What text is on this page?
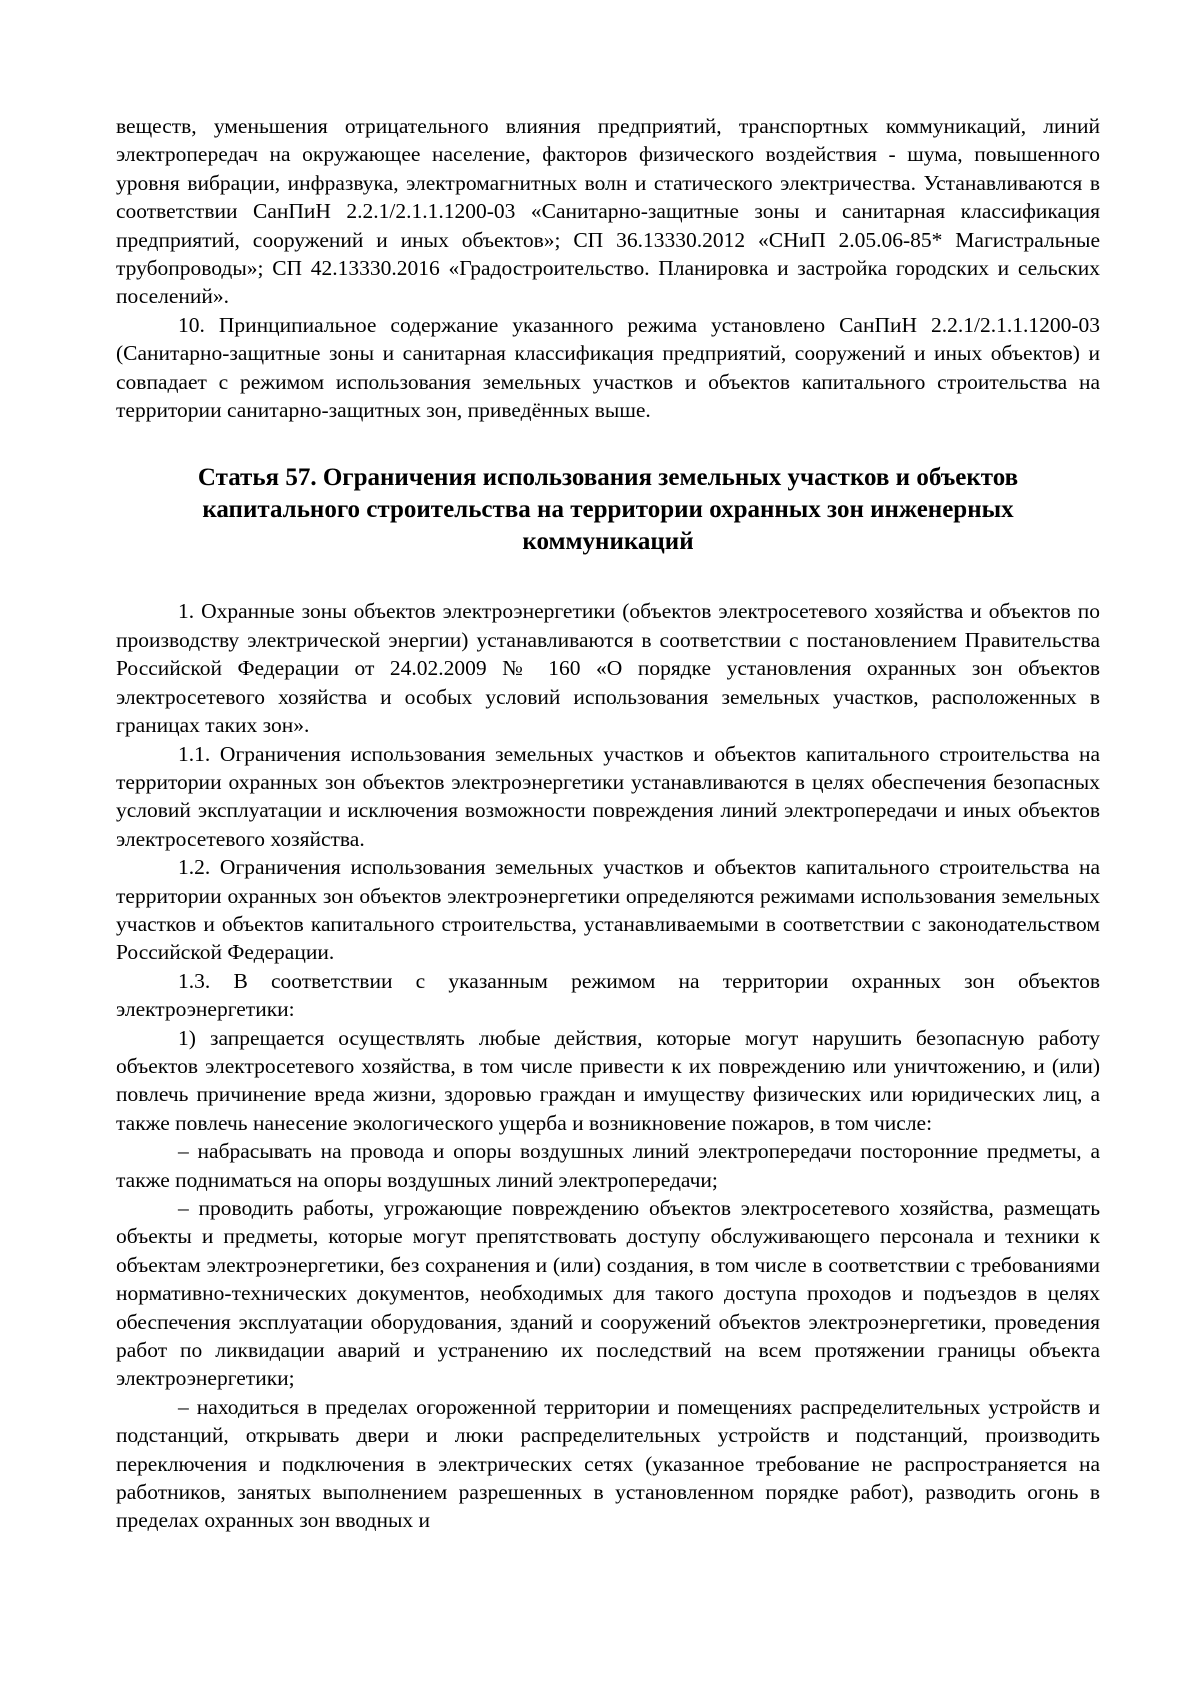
веществ, уменьшения отрицательного влияния предприятий, транспортных коммуникаций, линий электропередач на окружающее население, факторов физического воздействия - шума, повышенного уровня вибрации, инфразвука, электромагнитных волн и статического электричества. Устанавливаются в соответствии СанПиН 2.2.1/2.1.1.1200-03 «Санитарно-защитные зоны и санитарная классификация предприятий, сооружений и иных объектов»; СП 36.13330.2012 «СНиП 2.05.06-85* Магистральные трубопроводы»; СП 42.13330.2016 «Градостроительство. Планировка и застройка городских и сельских поселений».

10. Принципиальное содержание указанного режима установлено СанПиН 2.2.1/2.1.1.1200-03 (Санитарно-защитные зоны и санитарная классификация предприятий, сооружений и иных объектов) и совпадает с режимом использования земельных участков и объектов капитального строительства на территории санитарно-защитных зон, приведённых выше.

Статья 57. Ограничения использования земельных участков и объектов капитального строительства на территории охранных зон инженерных коммуникаций

1. Охранные зоны объектов электроэнергетики (объектов электросетевого хозяйства и объектов по производству электрической энергии) устанавливаются в соответствии с постановлением Правительства Российской Федерации от 24.02.2009 № 160 «О порядке установления охранных зон объектов электросетевого хозяйства и особых условий использования земельных участков, расположенных в границах таких зон».

1.1. Ограничения использования земельных участков и объектов капитального строительства на территории охранных зон объектов электроэнергетики устанавливаются в целях обеспечения безопасных условий эксплуатации и исключения возможности повреждения линий электропередачи и иных объектов электросетевого хозяйства.

1.2. Ограничения использования земельных участков и объектов капитального строительства на территории охранных зон объектов электроэнергетики определяются режимами использования земельных участков и объектов капитального строительства, устанавливаемыми в соответствии с законодательством Российской Федерации.

1.3. В соответствии с указанным режимом на территории охранных зон объектов электроэнергетики:

1) запрещается осуществлять любые действия, которые могут нарушить безопасную работу объектов электросетевого хозяйства, в том числе привести к их повреждению или уничтожению, и (или) повлечь причинение вреда жизни, здоровью граждан и имуществу физических или юридических лиц, а также повлечь нанесение экологического ущерба и возникновение пожаров, в том числе:

– набрасывать на провода и опоры воздушных линий электропередачи посторонние предметы, а также подниматься на опоры воздушных линий электропередачи;

– проводить работы, угрожающие повреждению объектов электросетевого хозяйства, размещать объекты и предметы, которые могут препятствовать доступу обслуживающего персонала и техники к объектам электроэнергетики, без сохранения и (или) создания, в том числе в соответствии с требованиями нормативно-технических документов, необходимых для такого доступа проходов и подъездов в целях обеспечения эксплуатации оборудования, зданий и сооружений объектов электроэнергетики, проведения работ по ликвидации аварий и устранению их последствий на всем протяжении границы объекта электроэнергетики;

– находиться в пределах огороженной территории и помещениях распределительных устройств и подстанций, открывать двери и люки распределительных устройств и подстанций, производить переключения и подключения в электрических сетях (указанное требование не распространяется на работников, занятых выполнением разрешенных в установленном порядке работ), разводить огонь в пределах охранных зон вводных и
